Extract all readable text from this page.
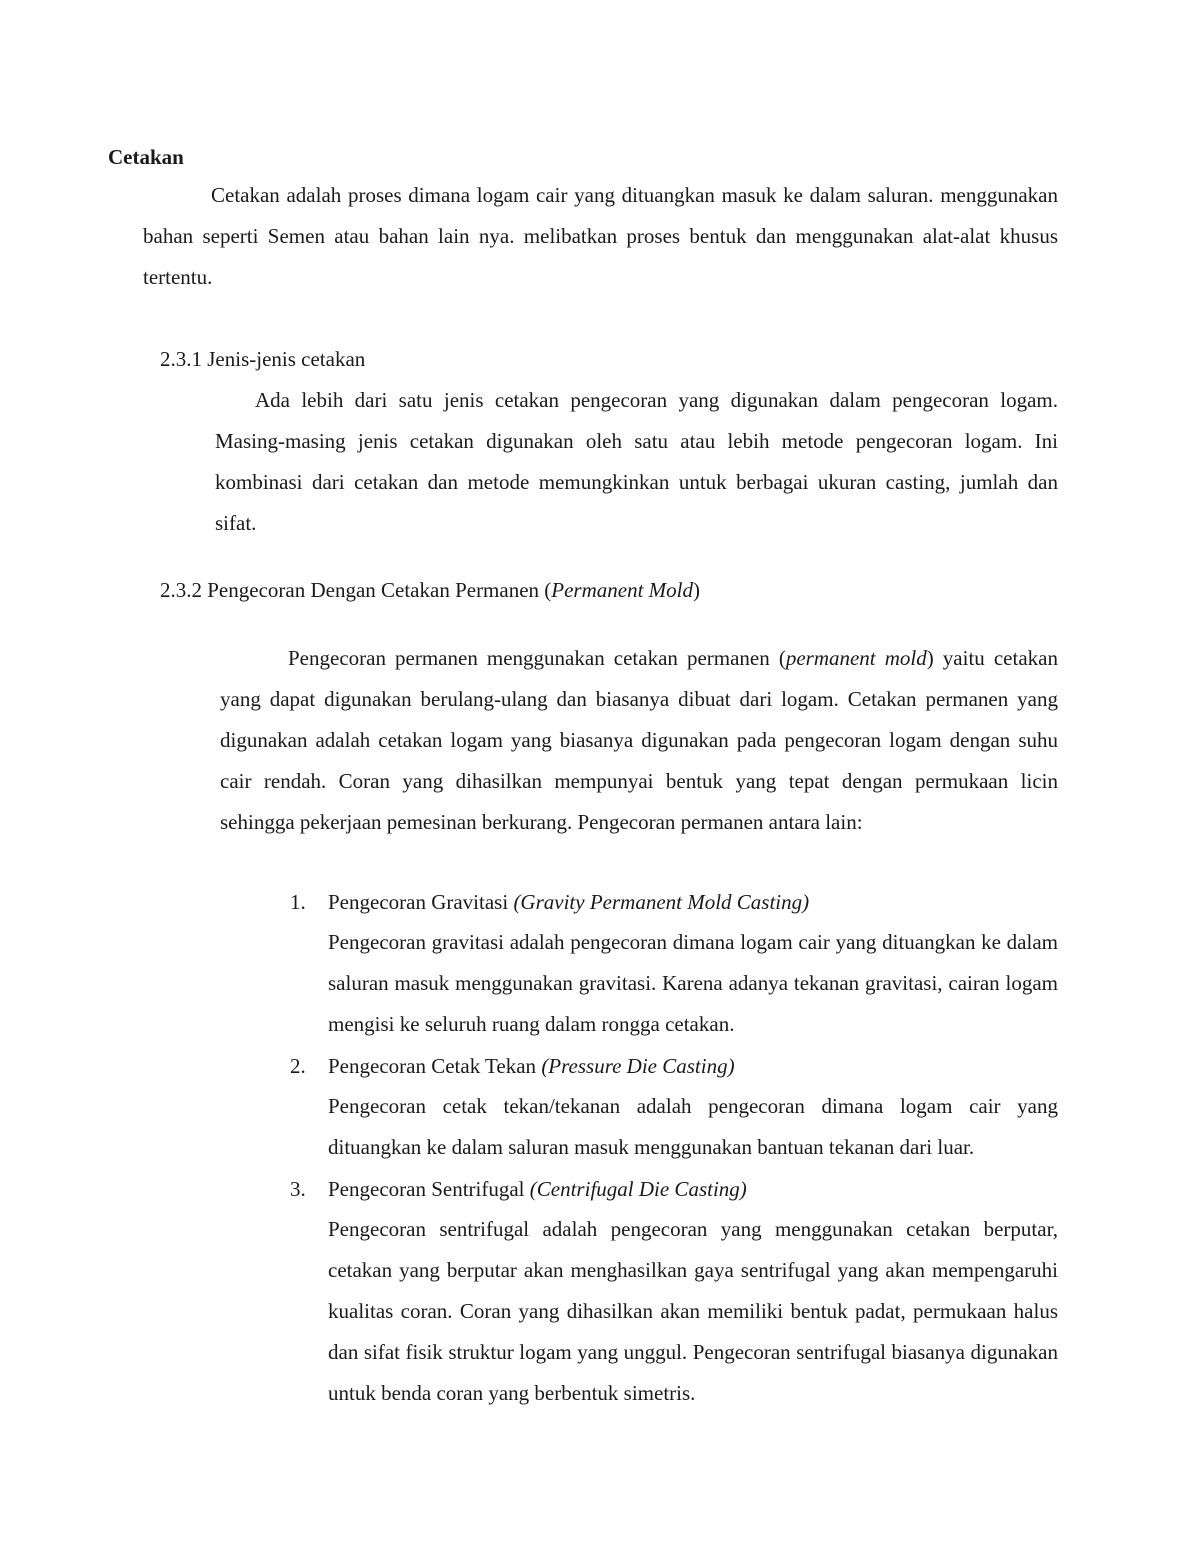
Cetakan

Cetakan adalah proses dimana logam cair yang dituangkan masuk ke dalam saluran. menggunakan bahan seperti Semen atau bahan lain nya. melibatkan proses bentuk dan menggunakan alat-alat khusus tertentu.

2.3.1 Jenis-jenis cetakan

Ada lebih dari satu jenis cetakan pengecoran yang digunakan dalam pengecoran logam. Masing-masing jenis cetakan digunakan oleh satu atau lebih metode pengecoran logam. Ini kombinasi dari cetakan dan metode memungkinkan untuk berbagai ukuran casting, jumlah dan sifat.

2.3.2 Pengecoran Dengan Cetakan Permanen (Permanent Mold)

Pengecoran permanen menggunakan cetakan permanen (permanent mold) yaitu cetakan yang dapat digunakan berulang-ulang dan biasanya dibuat dari logam. Cetakan permanen yang digunakan adalah cetakan logam yang biasanya digunakan pada pengecoran logam dengan suhu cair rendah. Coran yang dihasilkan mempunyai bentuk yang tepat dengan permukaan licin sehingga pekerjaan pemesinan berkurang. Pengecoran permanen antara lain:

1. Pengecoran Gravitasi (Gravity Permanent Mold Casting)
Pengecoran gravitasi adalah pengecoran dimana logam cair yang dituangkan ke dalam saluran masuk menggunakan gravitasi. Karena adanya tekanan gravitasi, cairan logam mengisi ke seluruh ruang dalam rongga cetakan.
2. Pengecoran Cetak Tekan (Pressure Die Casting)
Pengecoran cetak tekan/tekanan adalah pengecoran dimana logam cair yang dituangkan ke dalam saluran masuk menggunakan bantuan tekanan dari luar.
3. Pengecoran Sentrifugal (Centrifugal Die Casting)
Pengecoran sentrifugal adalah pengecoran yang menggunakan cetakan berputar, cetakan yang berputar akan menghasilkan gaya sentrifugal yang akan mempengaruhi kualitas coran. Coran yang dihasilkan akan memiliki bentuk padat, permukaan halus dan sifat fisik struktur logam yang unggul. Pengecoran sentrifugal biasanya digunakan untuk benda coran yang berbentuk simetris.
